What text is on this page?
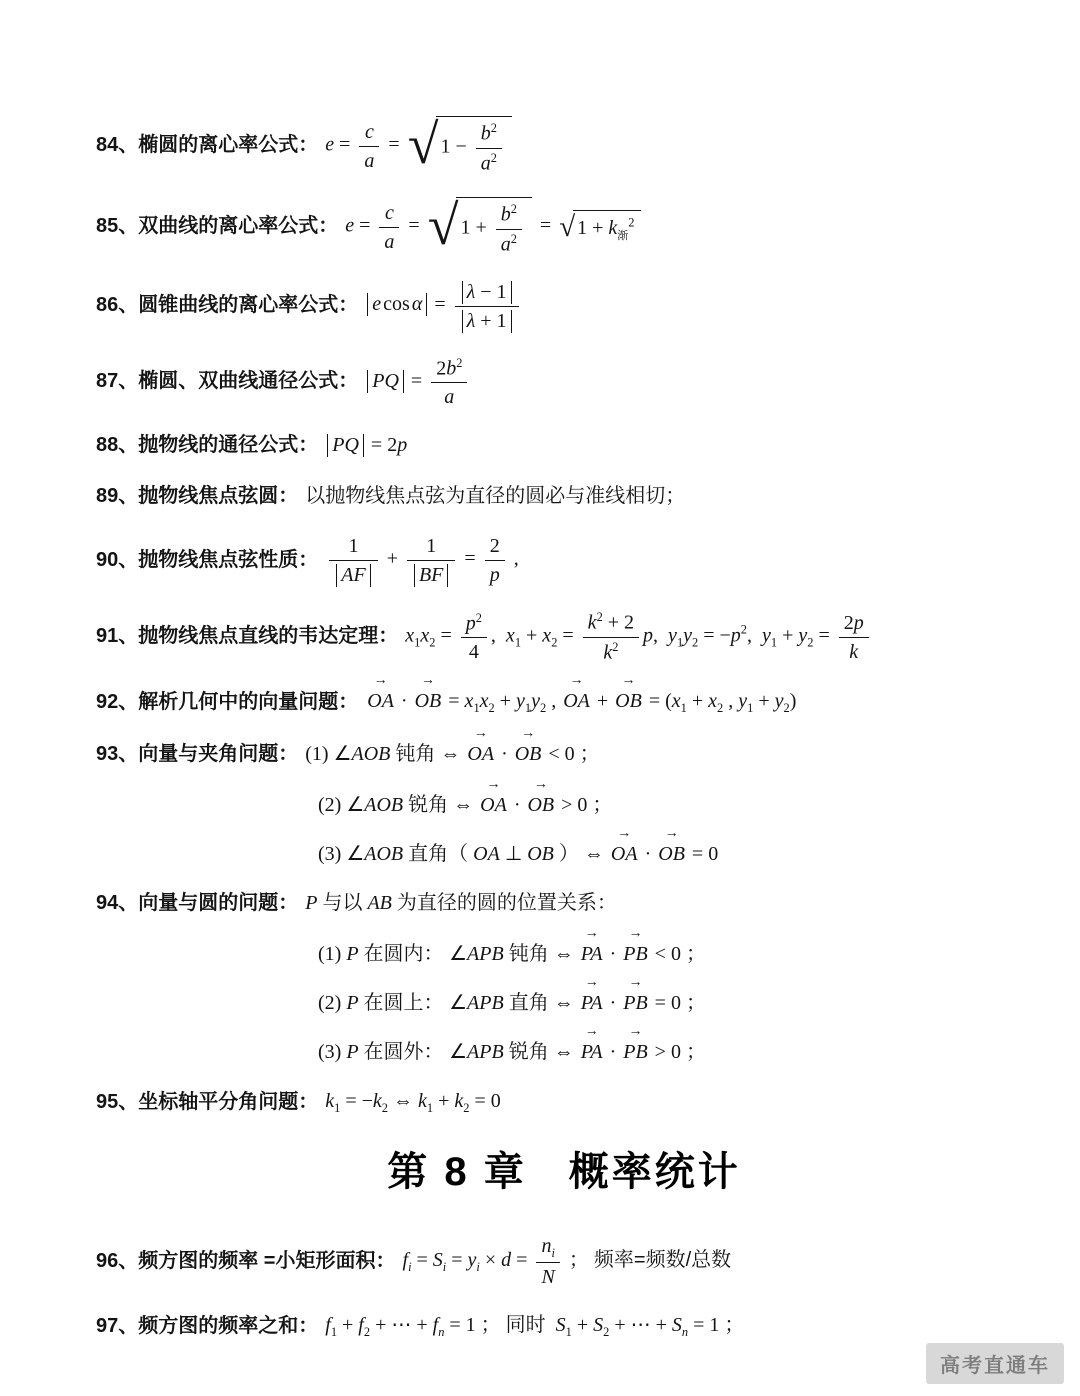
84、 椭圆的离心率公式： $e = \frac{c}{a}$ = √ $1 - \frac{b^2}{a^2}$
85、 双曲线的离心率公式： $e = \frac{c}{a}$ = √ $1 + \frac{b^2}{a^2}$ = √ $1 + k_渐^2$
86、 圆锥曲线的离心率公式： e $\cos \alpha = \frac{\lambda - 1}{\lambda + 1}$
87、 椭圆、双曲线通径公式： PQ = $\frac{2b^2}{a}$
88、 抛物线的通径公式： PQ = 2p
89、 抛物线焦点弦圆： 以抛物线焦点弦为直径的圆必与准线相切；
90、 抛物线焦点弦性质： $\frac{1}{AF} + \frac{1}{BF} = \frac{2}{p}$ ,
91、 抛物线焦点直线的韦达定理： $x_1x_2 = \frac{p^2}{4}$ ,  $x_1 + x_2 = \frac{k^2 + 2}{k^2} p$,  $y_1y_2 = -p^2$,  $y_1 + y_2 = \frac{2p}{k}$
92、 解析几何中的向量问题： → OA · → OB = $x_1x_2 + y_1y_2$ , → OA + → OB = ($x_1 + x_2$ , $y_1 + y_2$)
93、 向量与夹角问题： (1) ∠AOB 钝角 ⇔ → OA · → OB < 0 ；
(2) ∠AOB 锐角 ⇔ → OA · → OB > 0 ；
(3) ∠AOB 直角（ OA ⊥ OB ） ⇔ → OA · → OB = 0
94、 向量与圆的问题： P 与以 AB 为直径的圆的位置关系：
(1) P 在圆内： ∠APB 钝角 ⇔ → PA · → PB < 0 ；
(2) P 在圆上： ∠APB 直角 ⇔ → PA · → PB = 0 ；
(3) P 在圆外： ∠APB 锐角 ⇔ → PA · → PB > 0 ；
95、 坐标轴平分角问题： $k_1 = -k_2$ ⇔ $k_1 + k_2 = 0$
第 8 章 概率统计
96、 频方图的频率 =小矩形面积： $f_i = S_i = y_i \times d = \frac{n_i}{N}$ ； 频率=频数/总数
97、 频方图的频率之和： $f_1 + f_2$ + ⋯ + $f_n = 1$ ； 同时 $S_1 + S_2$ + ⋯ + $S_n = 1$ ；
高考直通车
